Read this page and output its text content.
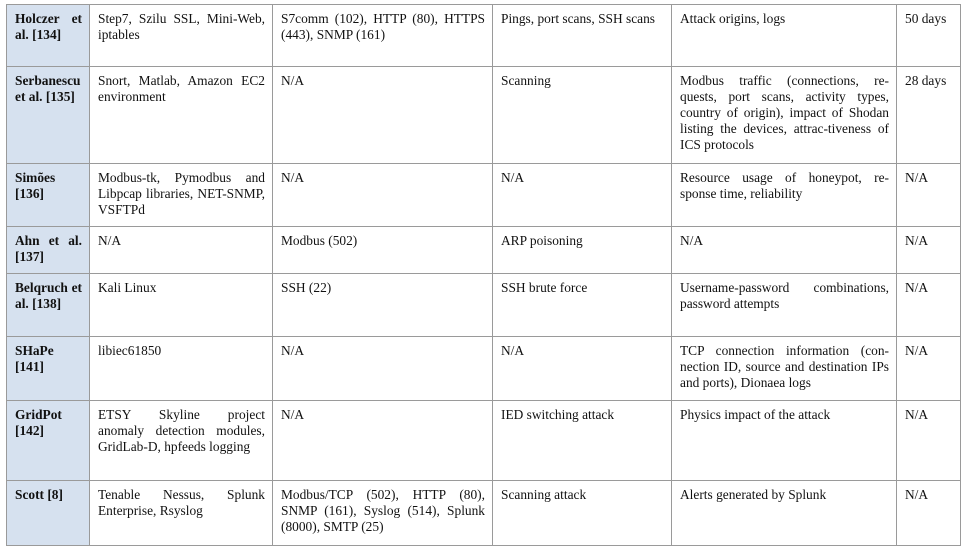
Holczer et al. [134]	Step7, Szilu SSL, Mini-Web, iptables	S7comm (102), HTTP (80), HTTPS (443), SNMP (161)	Pings, port scans, SSH scans	Attack origins, logs	50 days
Serbanescu et al. [135]	Snort, Matlab, Amazon EC2 environment	N/A	Scanning	Modbus traffic (connections, re-quests, port scans, activity types, country of origin), impact of Shodan listing the devices, attrac-tiveness of ICS protocols	28 days
Simões [136]	Modbus-tk, Pymodbus and Libpcap libraries, NET-SNMP, VSFTPd	N/A	N/A	Resource usage of honeypot, re-sponse time, reliability	N/A
Ahn et al. [137]	N/A	Modbus (502)	ARP poisoning	N/A	N/A
Belqruch et al. [138]	Kali Linux	SSH (22)	SSH brute force	Username-password combinations, password attempts	N/A
SHaPe [141]	libiec61850	N/A	N/A	TCP connection information (con-nection ID, source and destination IPs and ports), Dionaea logs	N/A
GridPot [142]	ETSY Skyline project anomaly detection modules, GridLab-D, hpfeeds logging	N/A	IED switching attack	Physics impact of the attack	N/A
Scott [8]	Tenable Nessus, Splunk Enterprise, Rsyslog	Modbus/TCP (502), HTTP (80), SNMP (161), Syslog (514), Splunk (8000), SMTP (25)	Scanning attack	Alerts generated by Splunk	N/A
